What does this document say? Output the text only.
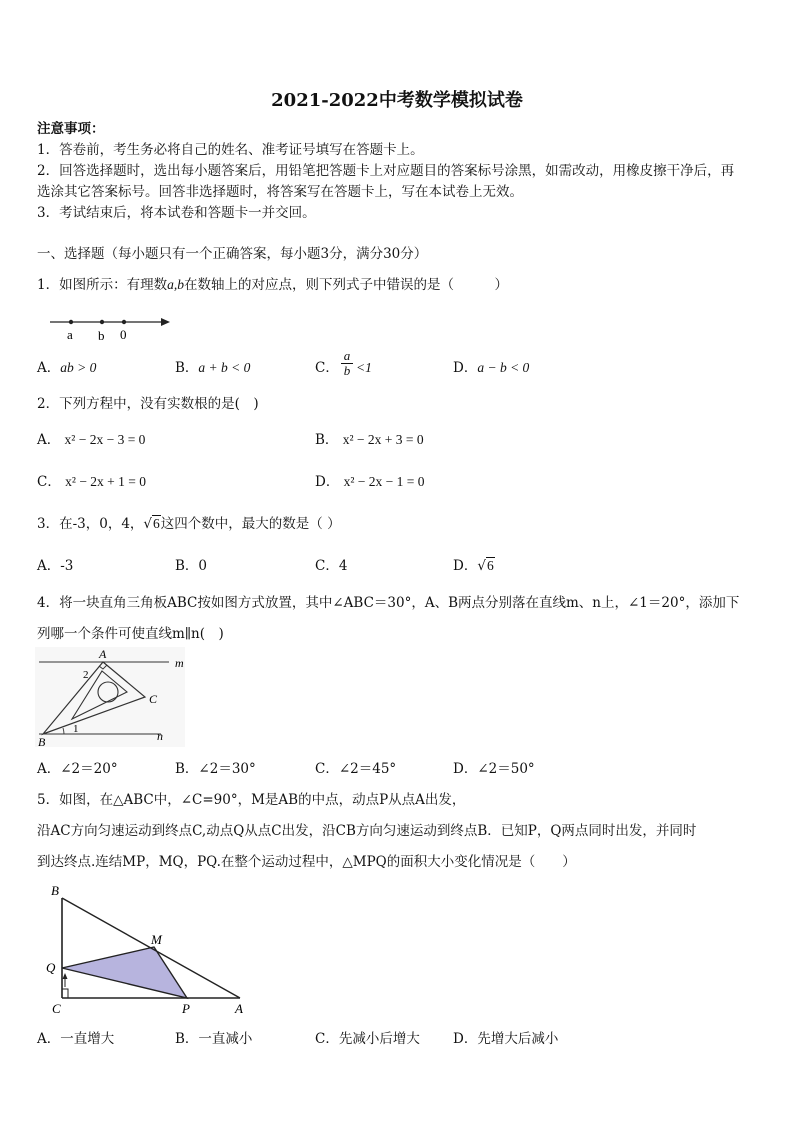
2021-2022中考数学模拟试卷
注意事项：
1．答卷前，考生务必将自己的姓名、准考证号填写在答题卡上。
2．回答选择题时，选出每小题答案后，用铅笔把答题卡上对应题目的答案标号涂黑，如需改动，用橡皮擦干净后，再
选涂其它答案标号。回答非选择题时，将答案写在答题卡上，写在本试卷上无效。
3．考试结束后，将本试卷和答题卡一并交回。
一、选择题（每小题只有一个正确答案，每小题3分，满分30分）
1．如图所示：有理数a,b在数轴上的对应点，则下列式子中错误的是（　　　）
a b 0
A．ab > 0	B．a + b < 0	C． $\frac{a}{b} <1$	D．a − b < 0
2．下列方程中，没有实数根的是(　)
A． x² − 2x − 3 = 0	B． x² − 2x + 3 = 0
C． x² − 2x + 1 = 0	D． x² − 2x − 1 = 0
3．在-3，0，4，√6这四个数中，最大的数是（ ）
A．-3	B．0	C．4	D．√6
4．将一块直角三角板ABC按如图方式放置，其中∠ABC＝30°，A、B两点分别落在直线m、n上，∠1＝20°，添加下
列哪一个条件可使直线m∥n(　)
A
C
B
m
n
1
2
A．∠2＝20°	B．∠2＝30°	C．∠2＝45°	D．∠2＝50°
5．如图，在△ABC中，∠C=90°，M是AB的中点，动点P从点A出发，
沿AC方向匀速运动到终点C,动点Q从点C出发，沿CB方向匀速运动到终点B．已知P，Q两点同时出发，并同时
到达终点.连结MP，MQ，PQ.在整个运动过程中，△MPQ的面积大小变化情况是（　　）
B
M
Q
C	P	A
A．一直增大	B．一直减小	C．先减小后增大 D．先增大后减小
